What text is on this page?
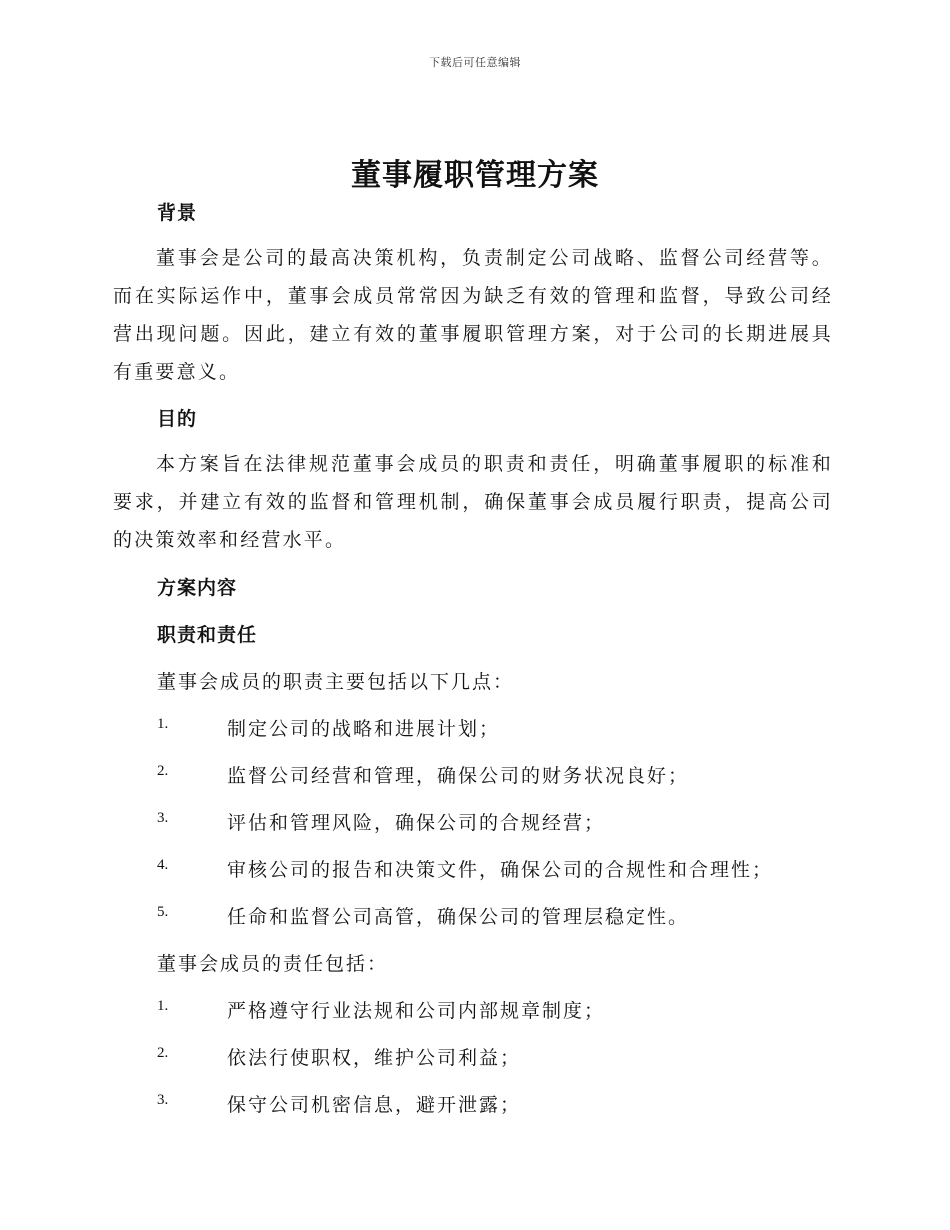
下载后可任意编辑
董事履职管理方案
背景

董事会是公司的最高决策机构，负责制定公司战略、监督公司经营等。而在实际运作中，董事会成员常常因为缺乏有效的管理和监督，导致公司经营出现问题。因此，建立有效的董事履职管理方案，对于公司的长期进展具有重要意义。

目的

本方案旨在法律规范董事会成员的职责和责任，明确董事履职的标准和要求，并建立有效的监督和管理机制，确保董事会成员履行职责，提高公司的决策效率和经营水平。

方案内容
职责和责任

董事会成员的职责主要包括以下几点：

1.	制定公司的战略和进展计划；
2.	监督公司经营和管理，确保公司的财务状况良好；
3.	评估和管理风险，确保公司的合规经营；
4.	审核公司的报告和决策文件，确保公司的合规性和合理性；
5.	任命和监督公司高管，确保公司的管理层稳定性。

董事会成员的责任包括：

1.	严格遵守行业法规和公司内部规章制度；
2.	依法行使职权，维护公司利益；
3.	保守公司机密信息，避开泄露；
